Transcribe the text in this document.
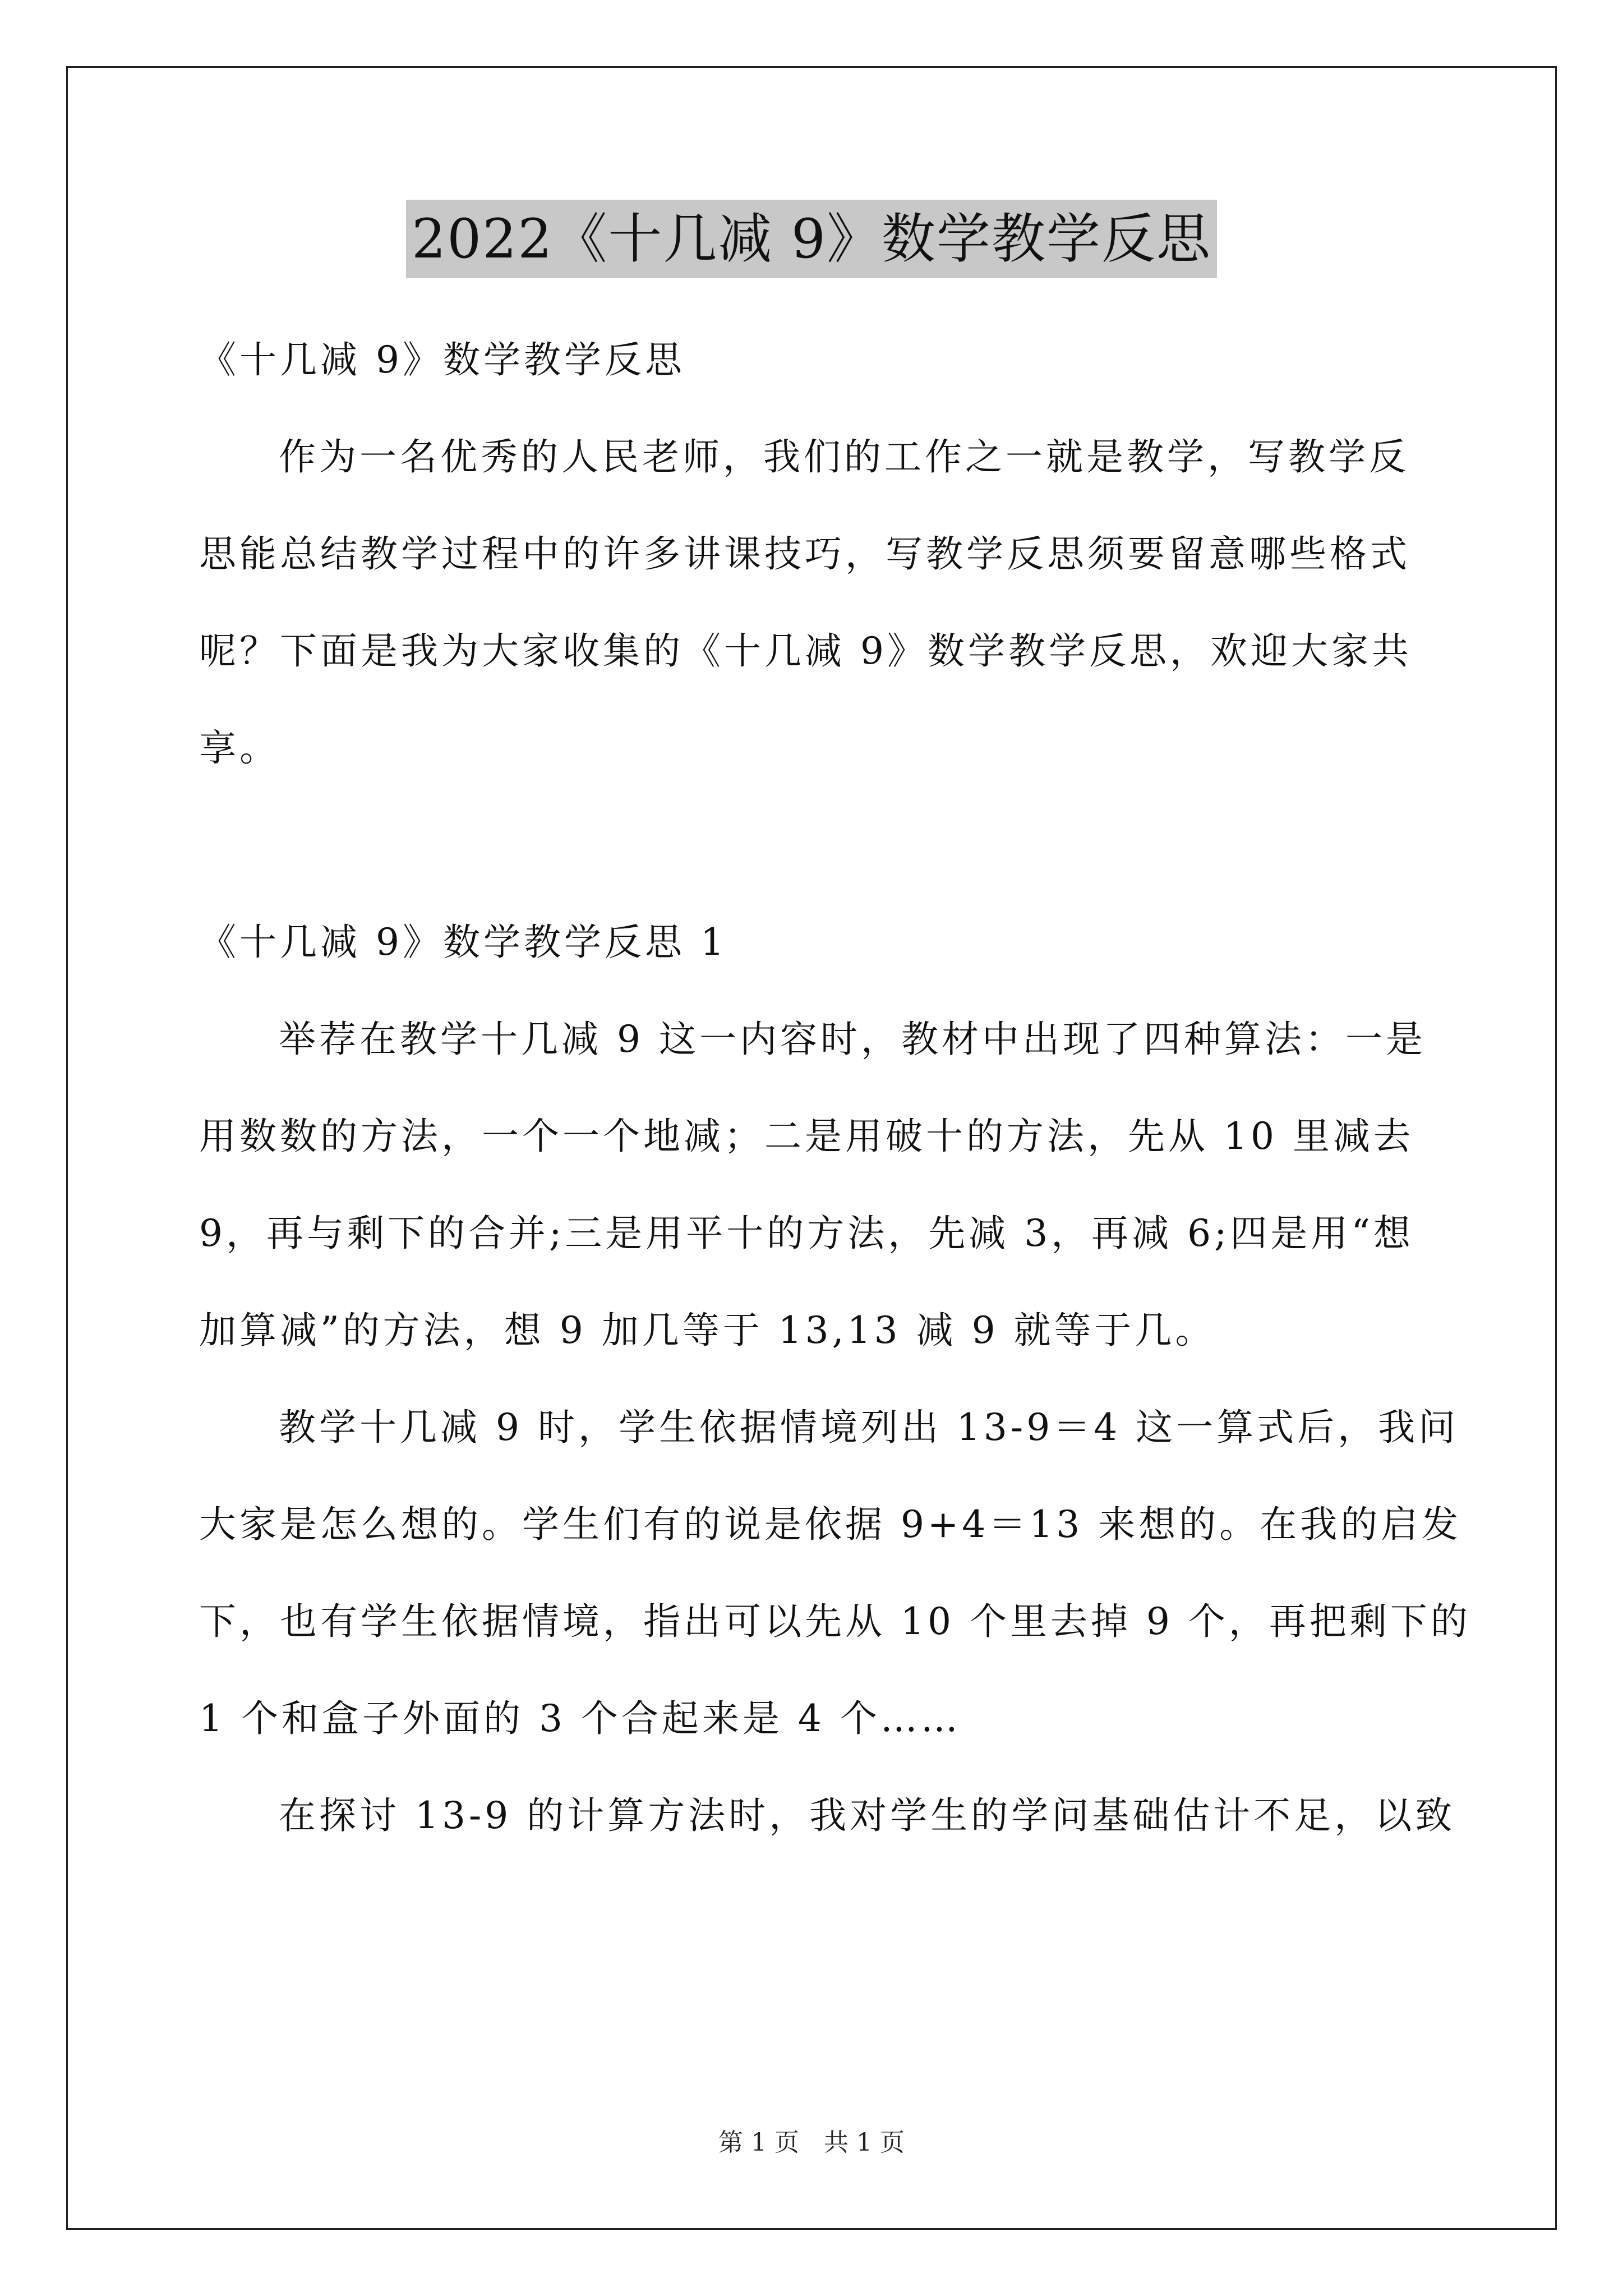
2022《十几减 9》数学教学反思
《十几减 9》数学教学反思
作为一名优秀的人民老师，我们的工作之一就是教学，写教学反
思能总结教学过程中的许多讲课技巧，写教学反思须要留意哪些格式
呢？下面是我为大家收集的《十几减 9》数学教学反思，欢迎大家共
享。
《十几减 9》数学教学反思 1
举荐在教学十几减 9 这一内容时，教材中出现了四种算法：一是
用数数的方法，一个一个地减；二是用破十的方法，先从 10 里减去
9，再与剩下的合并;三是用平十的方法，先减 3，再减 6;四是用“想
加算减”的方法，想 9 加几等于 13,13 减 9 就等于几。
教学十几减 9 时，学生依据情境列出 13-9＝4 这一算式后，我问
大家是怎么想的。学生们有的说是依据 9+4＝13 来想的。在我的启发
下，也有学生依据情境，指出可以先从 10 个里去掉 9 个，再把剩下的
1 个和盒子外面的 3 个合起来是 4 个……
在探讨 13-9 的计算方法时，我对学生的学问基础估计不足，以致
第 1 页　共 1 页
